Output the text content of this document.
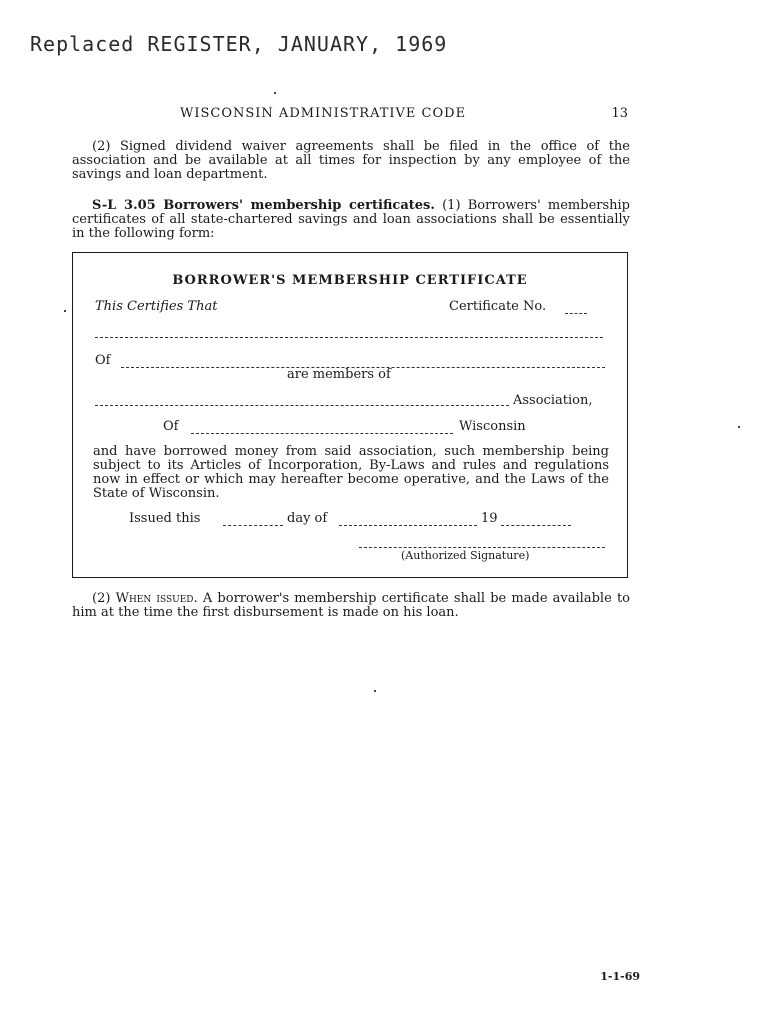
Replaced REGISTER, JANUARY, 1969
WISCONSIN ADMINISTRATIVE CODE	13
(2) Signed dividend waiver agreements shall be filed in the office of the association and be available at all times for inspection by any employee of the savings and loan department.
S-L 3.05 Borrowers' membership certificates. (1) Borrowers' membership certificates of all state-chartered savings and loan associations shall be essentially in the following form:
BORROWER'S MEMBERSHIP CERTIFICATE
This Certifies That	Certificate No.
Of
are members of
Association,
Of	Wisconsin
and have borrowed money from said association, such membership being subject to its Articles of Incorporation, By-Laws and rules and regulations now in effect or which may hereafter become operative, and the Laws of the State of Wisconsin.
Issued this	day of	19
(Authorized Signature)
(2) When issued. A borrower's membership certificate shall be made available to him at the time the first disbursement is made on his loan.
1-1-69
